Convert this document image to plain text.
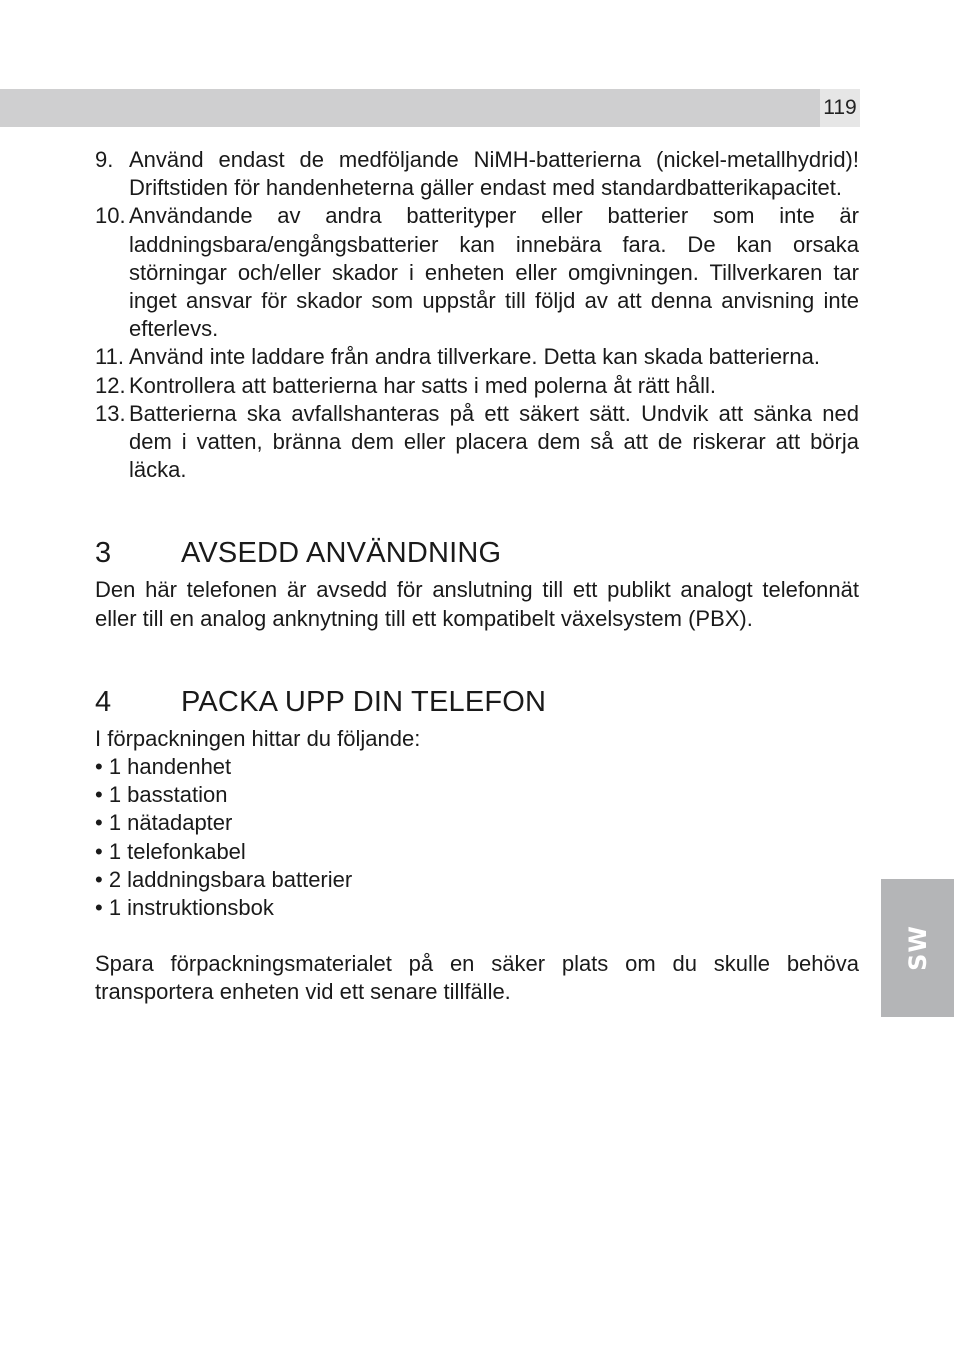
119
SW
9. Använd endast de medföljande NiMH-batterierna (nickel-metallhydrid)! Driftstiden för handenheterna gäller endast med standardbatterikapacitet.
10. Användande av andra batterityper eller batterier som inte är laddningsbara/engångsbatterier kan innebära fara. De kan orsaka störningar och/eller skador i enheten eller omgivningen. Tillverkaren tar inget ansvar för skador som uppstår till följd av att denna anvisning inte efterlevs.
11. Använd inte laddare från andra tillverkare. Detta kan skada batterierna.
12. Kontrollera att batterierna har satts i med polerna åt rätt håll.
13. Batterierna ska avfallshanteras på ett säkert sätt. Undvik att sänka ned dem i vatten, bränna dem eller placera dem så att de riskerar att börja läcka.
3	AVSEDD ANVÄNDNING

Den här telefonen är avsedd för anslutning till ett publikt analogt telefonnät eller till en analog anknytning till ett kompatibelt växelsystem (PBX).

4	PACKA UPP DIN TELEFON

I förpackningen hittar du följande:

• 1 handenhet
• 1 basstation
• 1 nätadapter
• 1 telefonkabel
• 2 laddningsbara batterier
• 1 instruktionsbok

Spara förpackningsmaterialet på en säker plats om du skulle behöva transportera enheten vid ett senare tillfälle.
